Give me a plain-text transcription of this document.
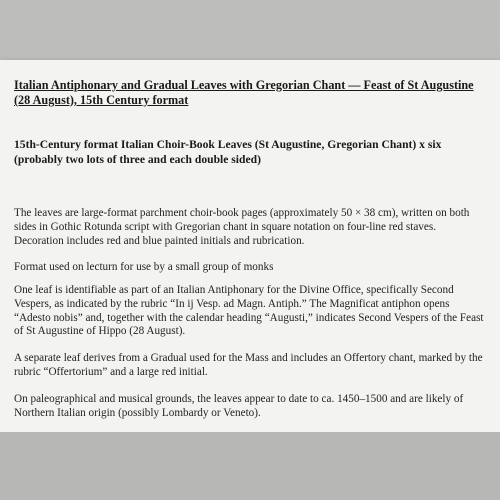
Italian Antiphonary and Gradual Leaves with Gregorian Chant — Feast of St Augustine (28 August), 15th Century format
15th-Century format Italian Choir-Book Leaves (St Augustine, Gregorian Chant) x six (probably two lots of three and each double sided)

The leaves are large-format parchment choir-book pages (approximately 50 × 38 cm), written on both sides in Gothic Rotunda script with Gregorian chant in square notation on four-line red staves. Decoration includes red and blue painted initials and rubrication.

Format used on lecturn for use by a small group of monks

One leaf is identifiable as part of an Italian Antiphonary for the Divine Office, specifically Second Vespers, as indicated by the rubric “In ij Vesp. ad Magn. Antiph.” The Magnificat antiphon opens “Adesto nobis” and, together with the calendar heading “Augusti,” indicates Second Vespers of the Feast of St Augustine of Hippo (28 August).

A separate leaf derives from a Gradual used for the Mass and includes an Offertory chant, marked by the rubric “Offertorium” and a large red initial.

On paleographical and musical grounds, the leaves appear to date to ca. 1450–1500 and are likely of Northern Italian origin (possibly Lombardy or Veneto).
